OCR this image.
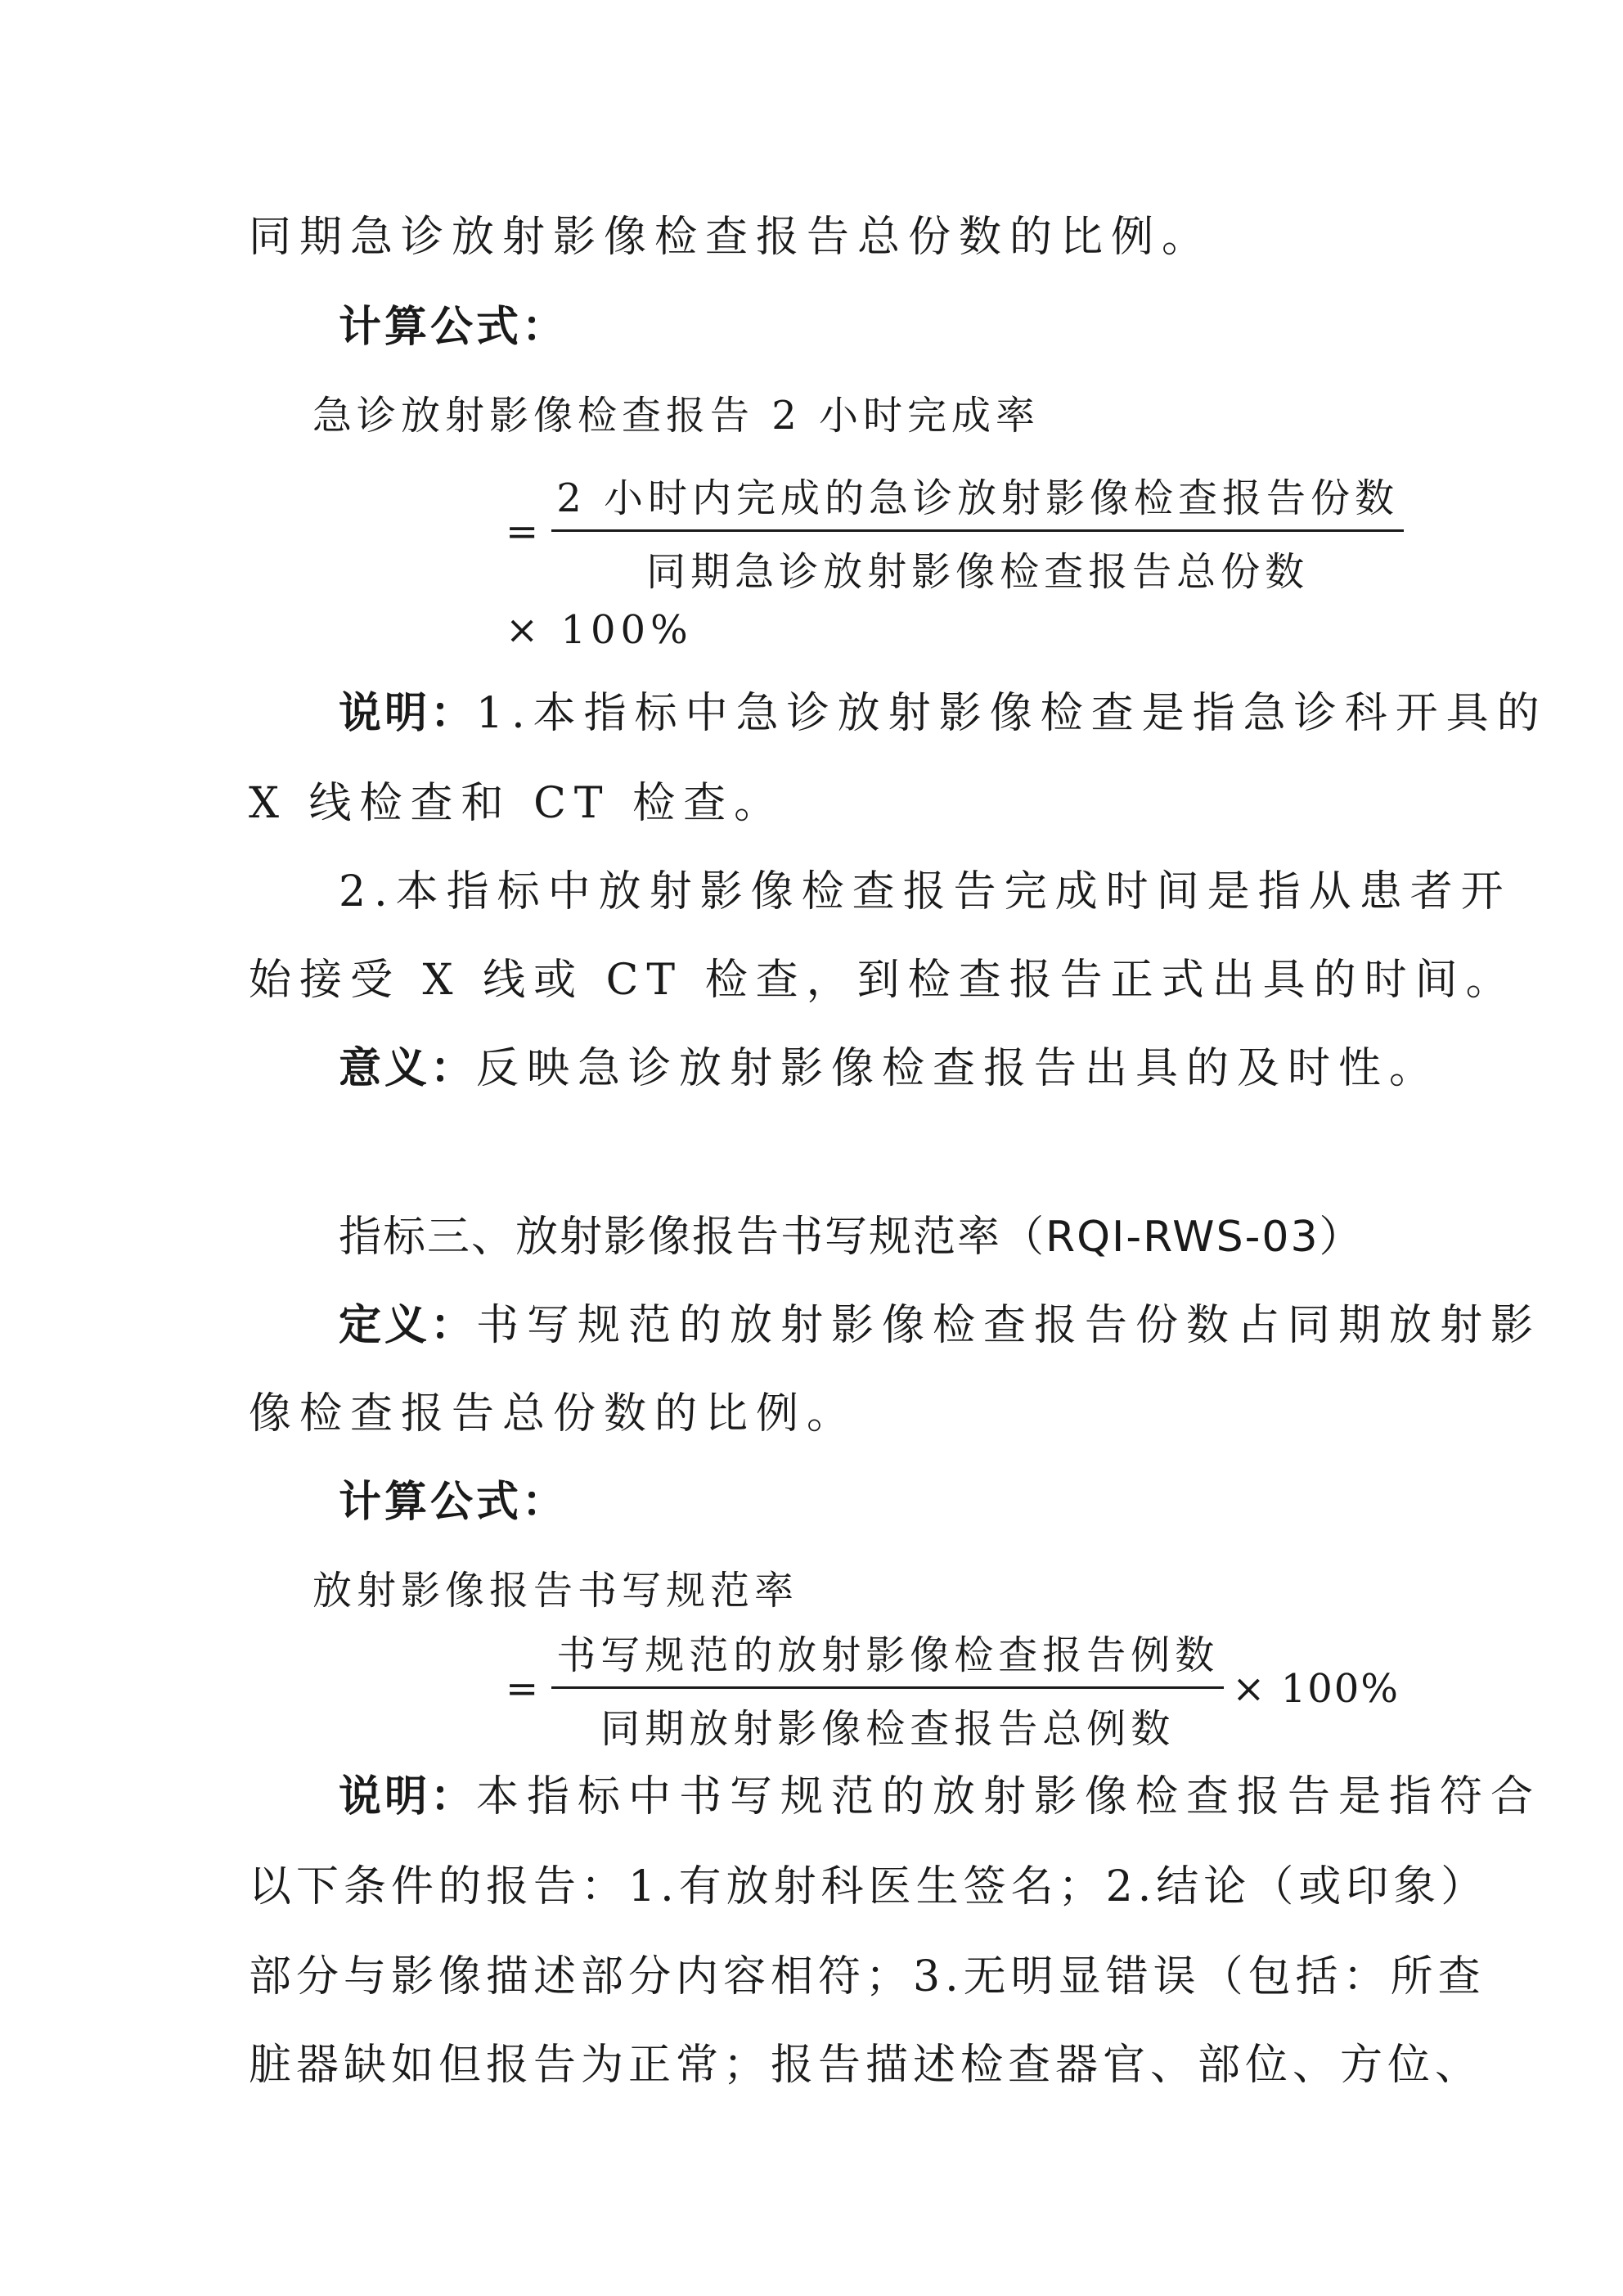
同期急诊放射影像检查报告总份数的比例。
计算公式：
急诊放射影像检查报告 2 小时完成率
= $\frac{\text{2 小时内完成的急诊放射影像检查报告份数}}{\text{同期急诊放射影像检查报告总份数}}$
× 100%
说明：1.本指标中急诊放射影像检查是指急诊科开具的
X 线检查和 CT 检查。
2.本指标中放射影像检查报告完成时间是指从患者开
始接受 X 线或 CT 检查，到检查报告正式出具的时间。
意义：反映急诊放射影像检查报告出具的及时性。
指标三、放射影像报告书写规范率（RQI-RWS-03）
定义：书写规范的放射影像检查报告份数占同期放射影
像检查报告总份数的比例。
计算公式：
放射影像报告书写规范率
= $\frac{\text{书写规范的放射影像检查报告例数}}{\text{同期放射影像检查报告总例数}} \times 100\%$
说明：本指标中书写规范的放射影像检查报告是指符合
以下条件的报告：1.有放射科医生签名；2.结论（或印象）
部分与影像描述部分内容相符；3.无明显错误（包括：所查
脏器缺如但报告为正常；报告描述检查器官、部位、方位、
